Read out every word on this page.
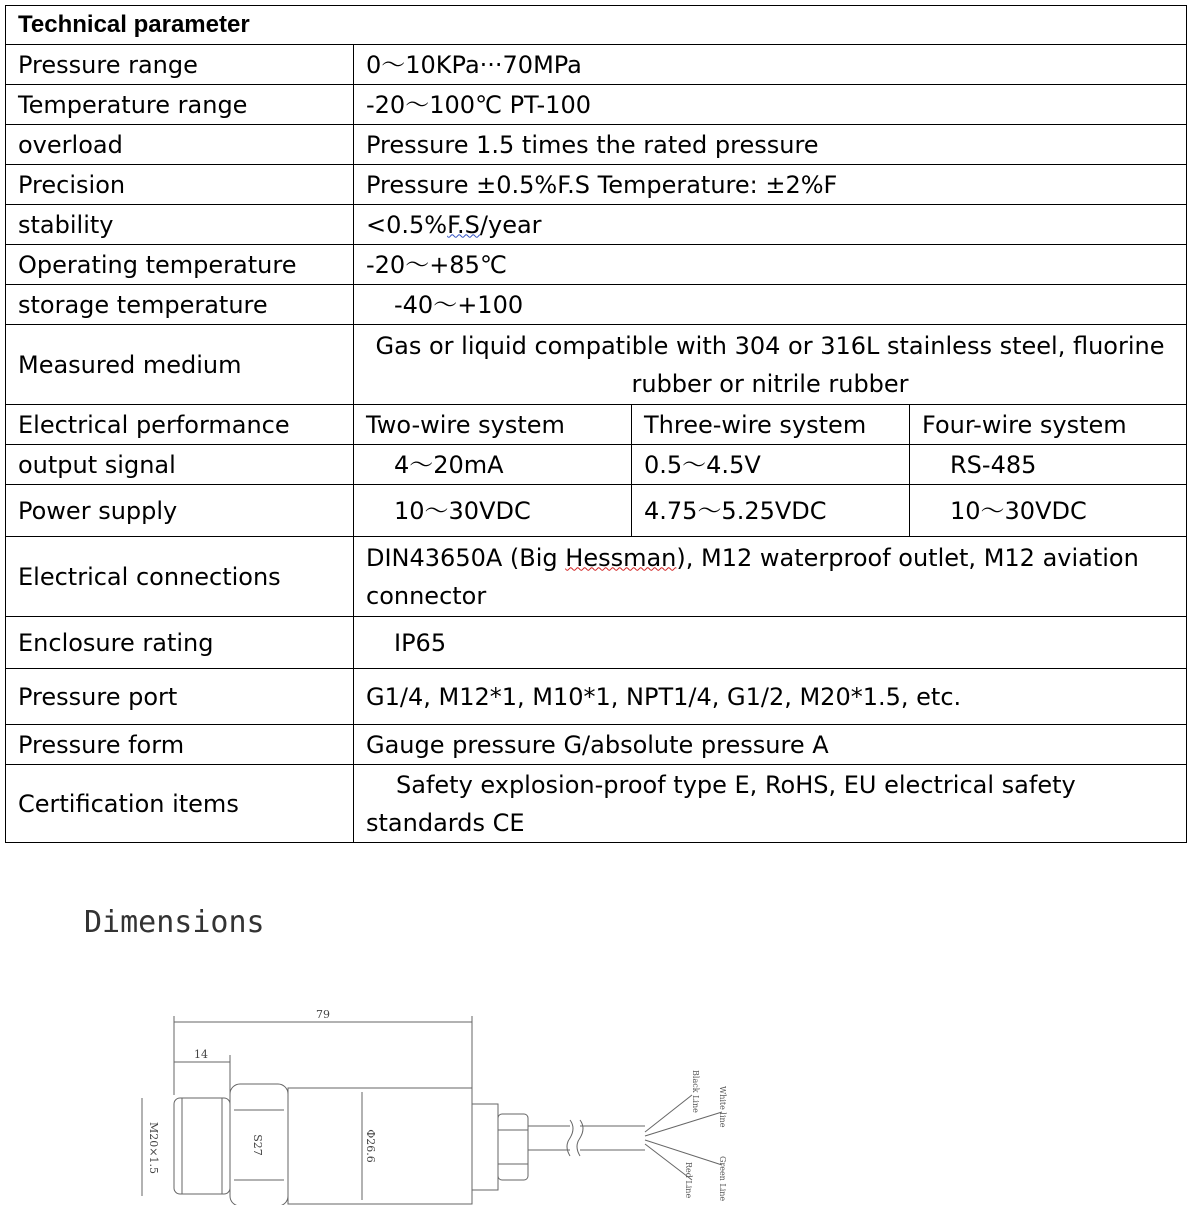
Technical parameter			
Pressure range	0～10KPa···70MPa		
Temperature range	-20～100℃ PT-100		
overload	Pressure 1.5 times the rated pressure		
Precision	Pressure ±0.5%F.S Temperature: ±2%F		
stability	<0.5%F.S/year		
Operating temperature	-20～+85℃		
storage temperature	-40～+100		
Measured medium	Gas or liquid compatible with 304 or 316L stainless steel, fluorine rubber or nitrile rubber		
Electrical performance	Two-wire system	Three-wire system	Four-wire system
output signal	4～20mA	0.5～4.5V	RS-485
Power supply	10～30VDC	4.75～5.25VDC	10～30VDC
Electrical connections	DIN43650A (Big Hessman), M12 waterproof outlet, M12 aviation connector		
Enclosure rating	IP65		
Pressure port	G1/4, M12*1, M10*1, NPT1/4, G1/2, M20*1.5, etc.		
Pressure form	Gauge pressure G/absolute pressure A		
Certification items	Safety explosion-proof type E, RoHS, EU electrical safety standards CE		
Dimensions
79
14
M20×1.5	S27	Φ26.6
Black Line White line
Red Line	Green Line
